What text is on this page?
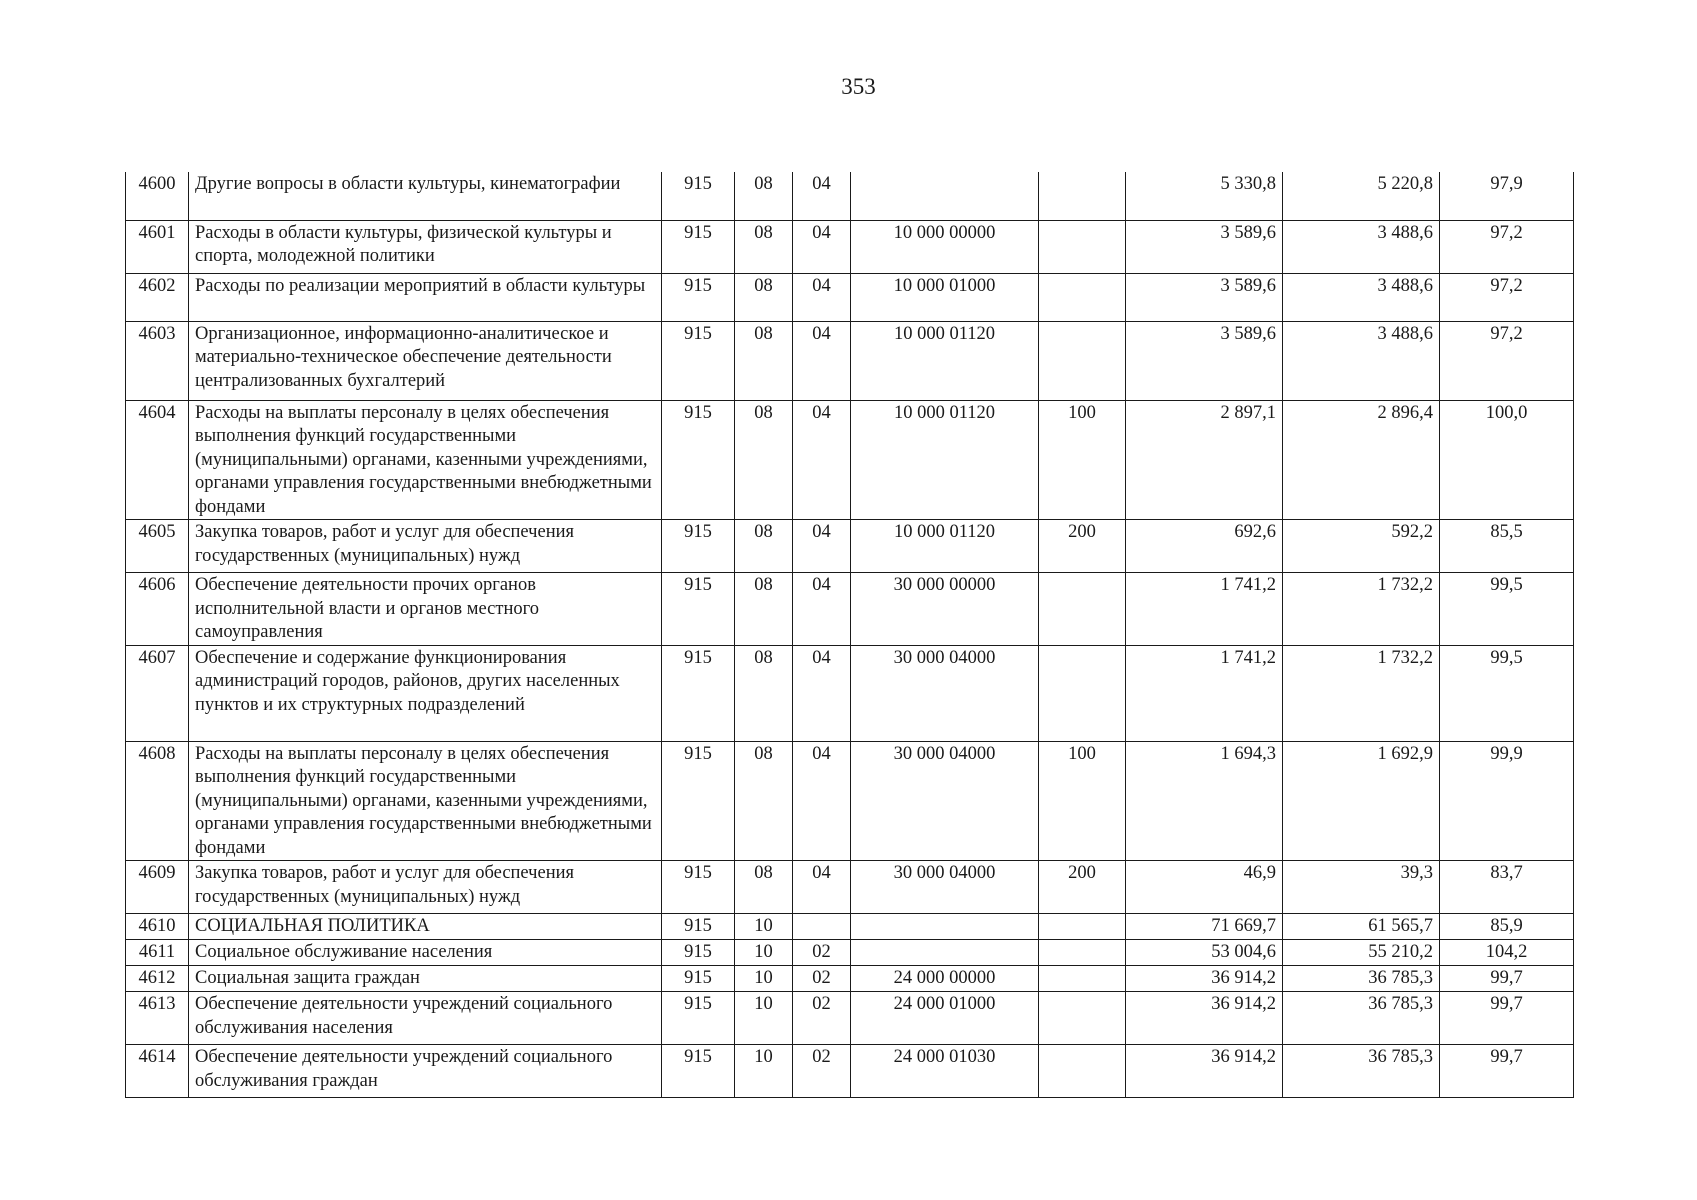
353
4600	Другие вопросы в области культуры, кинематографии	915	08	04			5 330,8	5 220,8	97,9
4601	Расходы в области культуры, физической культуры и спорта, молодежной политики	915	08	04	10 000 00000		3 589,6	3 488,6	97,2
4602	Расходы по реализации мероприятий в области культуры	915	08	04	10 000 01000		3 589,6	3 488,6	97,2
4603	Организационное, информационно-аналитическое и материально-техническое обеспечение деятельности централизованных бухгалтерий	915	08	04	10 000 01120		3 589,6	3 488,6	97,2
4604	Расходы на выплаты персоналу в целях обеспечения выполнения функций государственными (муниципальными) органами, казенными учреждениями, органами управления государственными внебюджетными фондами	915	08	04	10 000 01120	100	2 897,1	2 896,4	100,0
4605	Закупка товаров, работ и услуг для обеспечения государственных (муниципальных) нужд	915	08	04	10 000 01120	200	692,6	592,2	85,5
4606	Обеспечение деятельности прочих органов исполнительной власти и органов местного самоуправления	915	08	04	30 000 00000		1 741,2	1 732,2	99,5
4607	Обеспечение и содержание функционирования администраций городов, районов, других населенных пунктов и их структурных подразделений	915	08	04	30 000 04000		1 741,2	1 732,2	99,5
4608	Расходы на выплаты персоналу в целях обеспечения выполнения функций государственными (муниципальными) органами, казенными учреждениями, органами управления государственными внебюджетными фондами	915	08	04	30 000 04000	100	1 694,3	1 692,9	99,9
4609	Закупка товаров, работ и услуг для обеспечения государственных (муниципальных) нужд	915	08	04	30 000 04000	200	46,9	39,3	83,7
4610	СОЦИАЛЬНАЯ ПОЛИТИКА	915	10				71 669,7	61 565,7	85,9
4611	Социальное обслуживание населения	915	10	02			53 004,6	55 210,2	104,2
4612	Социальная защита граждан	915	10	02	24 000 00000		36 914,2	36 785,3	99,7
4613	Обеспечение деятельности учреждений социального обслуживания населения	915	10	02	24 000 01000		36 914,2	36 785,3	99,7
4614	Обеспечение деятельности учреждений социального обслуживания граждан	915	10	02	24 000 01030		36 914,2	36 785,3	99,7
